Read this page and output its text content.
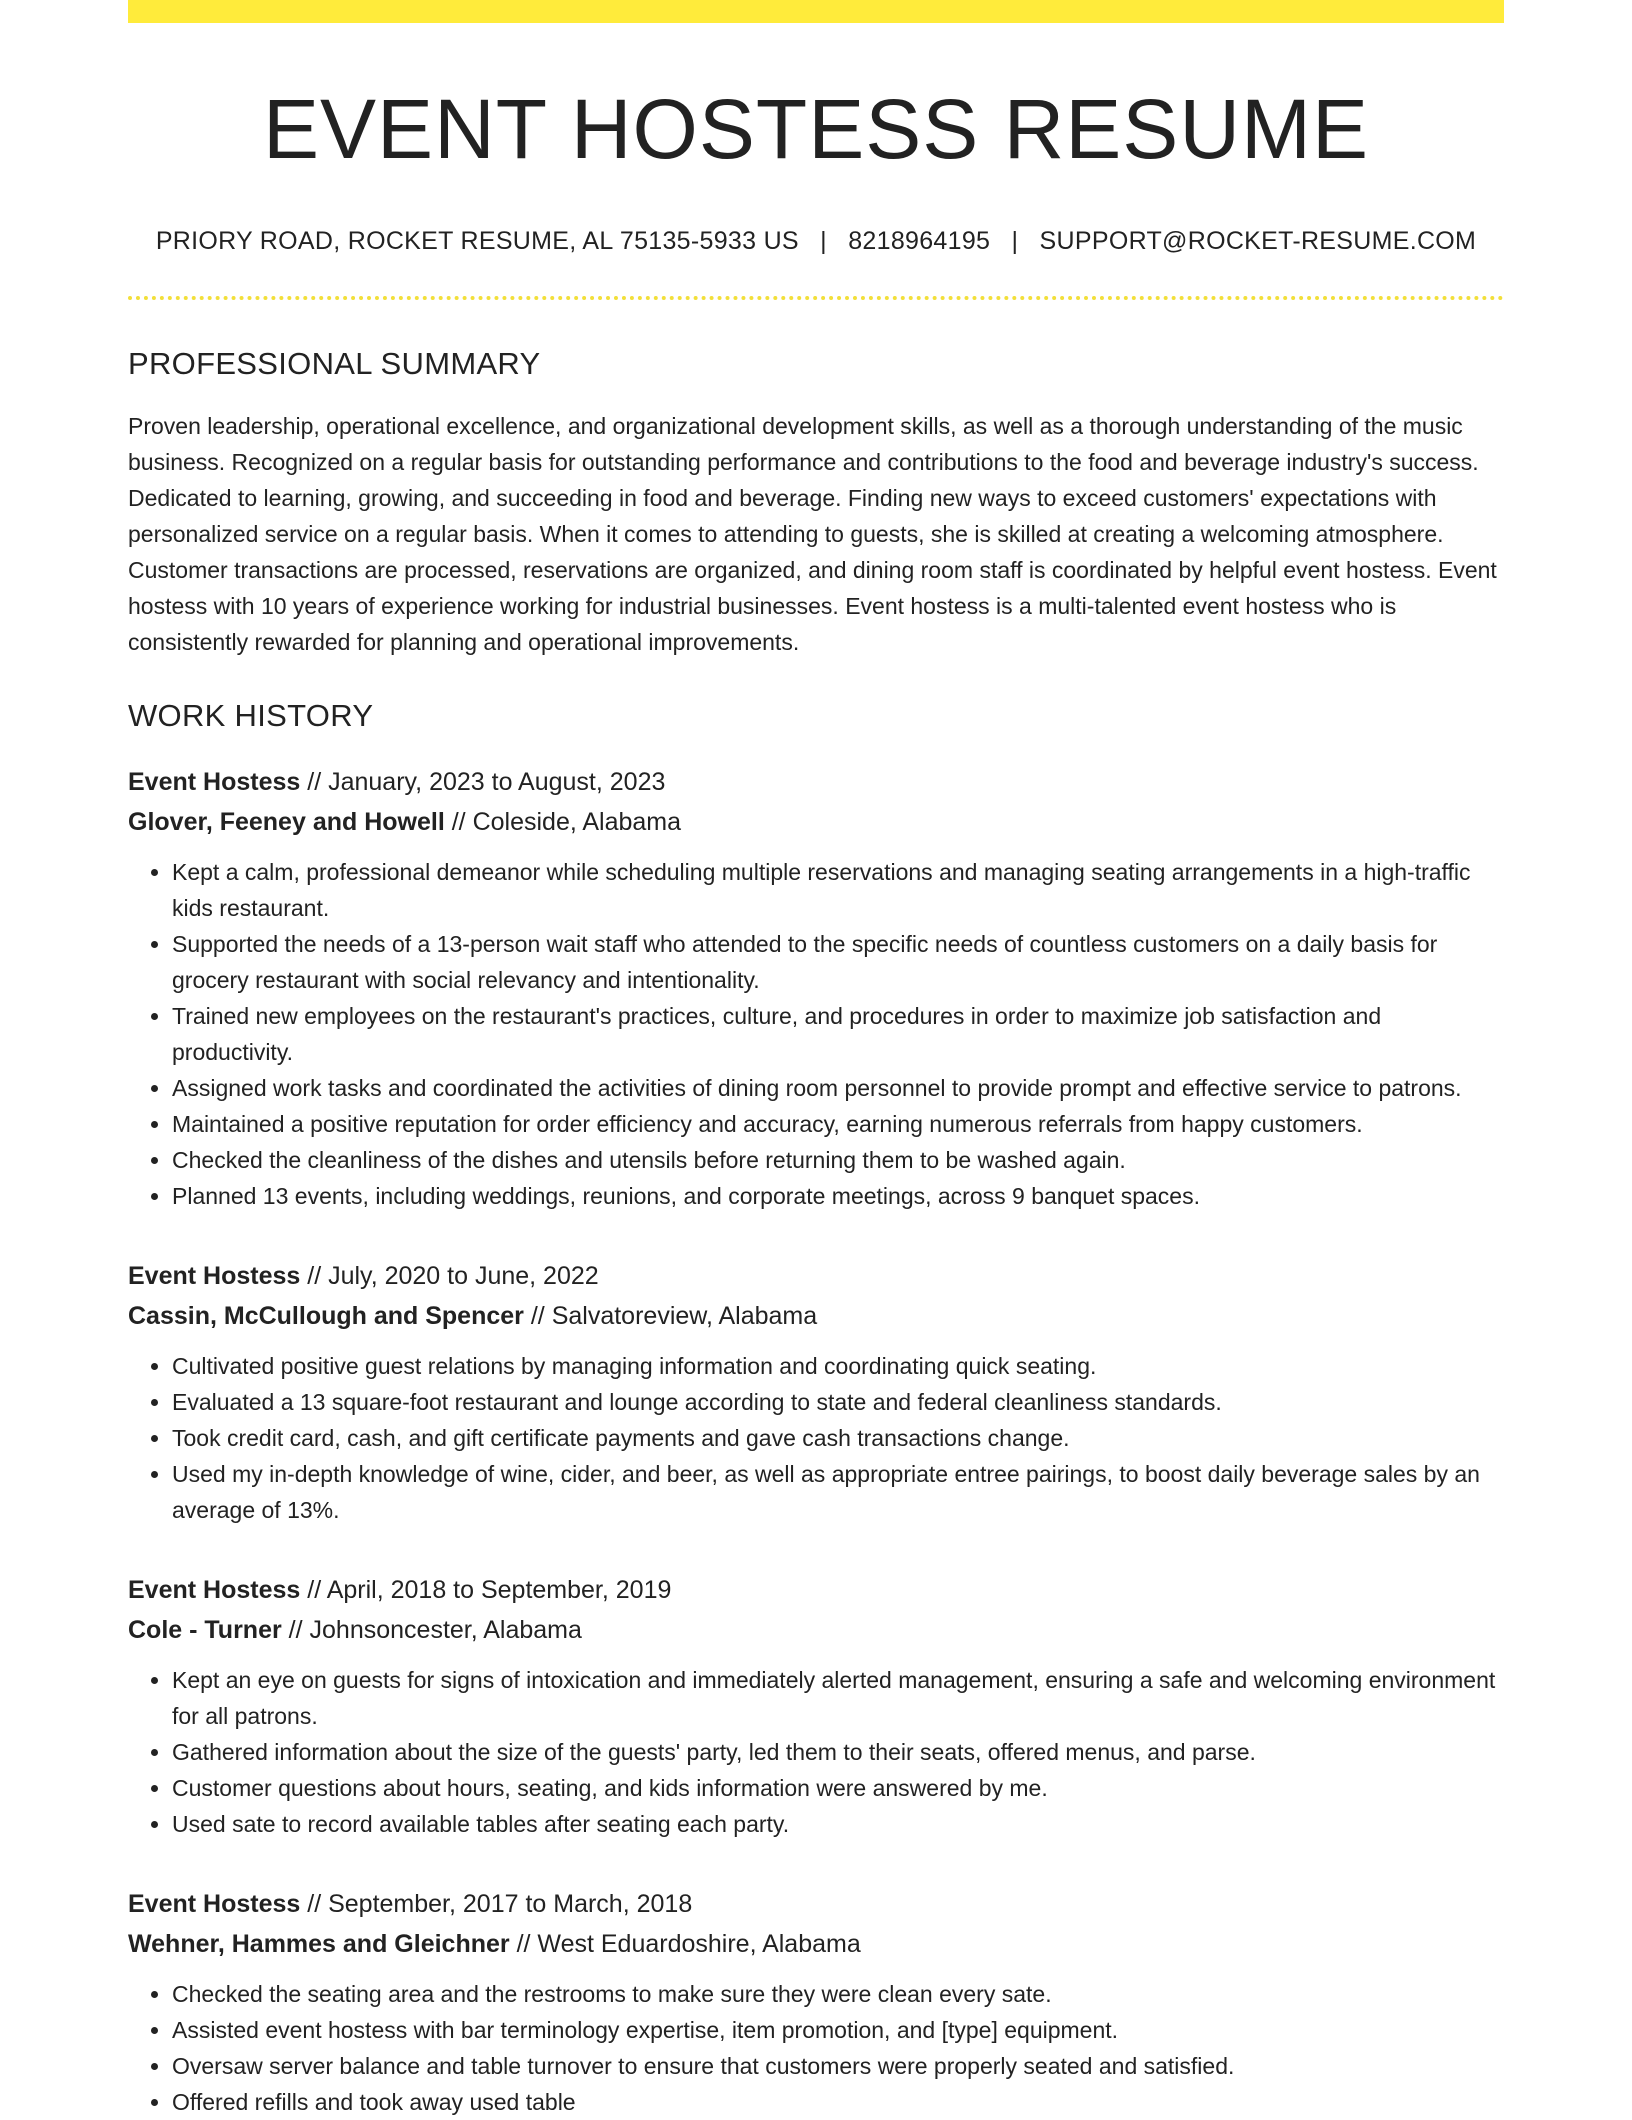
EVENT HOSTESS RESUME
PRIORY ROAD, ROCKET RESUME, AL 75135-5933 US | 8218964195 | SUPPORT@ROCKET-RESUME.COM
PROFESSIONAL SUMMARY

Proven leadership, operational excellence, and organizational development skills, as well as a thorough understanding of the music business. Recognized on a regular basis for outstanding performance and contributions to the food and beverage industry's success. Dedicated to learning, growing, and succeeding in food and beverage. Finding new ways to exceed customers' expectations with personalized service on a regular basis. When it comes to attending to guests, she is skilled at creating a welcoming atmosphere. Customer transactions are processed, reservations are organized, and dining room staff is coordinated by helpful event hostess. Event hostess with 10 years of experience working for industrial businesses. Event hostess is a multi-talented event hostess who is consistently rewarded for planning and operational improvements.

WORK HISTORY
Event Hostess // January, 2023 to August, 2023
Glover, Feeney and Howell // Coleside, Alabama
• Kept a calm, professional demeanor while scheduling multiple reservations and managing seating arrangements in a high-traffic kids restaurant.
• Supported the needs of a 13-person wait staff who attended to the specific needs of countless customers on a daily basis for grocery restaurant with social relevancy and intentionality.
• Trained new employees on the restaurant's practices, culture, and procedures in order to maximize job satisfaction and productivity.
• Assigned work tasks and coordinated the activities of dining room personnel to provide prompt and effective service to patrons.
• Maintained a positive reputation for order efficiency and accuracy, earning numerous referrals from happy customers.
• Checked the cleanliness of the dishes and utensils before returning them to be washed again.
• Planned 13 events, including weddings, reunions, and corporate meetings, across 9 banquet spaces.
Event Hostess // July, 2020 to June, 2022
Cassin, McCullough and Spencer // Salvatoreview, Alabama
• Cultivated positive guest relations by managing information and coordinating quick seating.
• Evaluated a 13 square-foot restaurant and lounge according to state and federal cleanliness standards.
• Took credit card, cash, and gift certificate payments and gave cash transactions change.
• Used my in-depth knowledge of wine, cider, and beer, as well as appropriate entree pairings, to boost daily beverage sales by an average of 13%.
Event Hostess // April, 2018 to September, 2019
Cole - Turner // Johnsoncester, Alabama
• Kept an eye on guests for signs of intoxication and immediately alerted management, ensuring a safe and welcoming environment for all patrons.
• Gathered information about the size of the guests' party, led them to their seats, offered menus, and parse.
• Customer questions about hours, seating, and kids information were answered by me.
• Used sate to record available tables after seating each party.
Event Hostess // September, 2017 to March, 2018
Wehner, Hammes and Gleichner // West Eduardoshire, Alabama
• Checked the seating area and the restrooms to make sure they were clean every sate.
• Assisted event hostess with bar terminology expertise, item promotion, and [type] equipment.
• Oversaw server balance and table turnover to ensure that customers were properly seated and satisfied.
• Offered refills and took away used table
